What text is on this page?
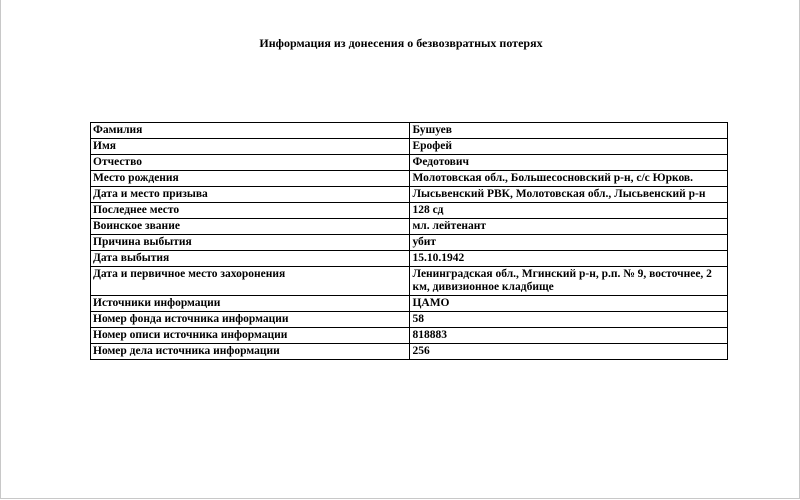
Информация из донесения о безвозвратных потерях
Фамилия	Бушуев
Имя	Ерофей
Отчество	Федотович
Место рождения	Молотовская обл., Большесосновский р-н, с/с Юрков.
Дата и место призыва	Лысьвенский РВК, Молотовская обл., Лысьвенский р-н
Последнее место	128 сд
Воинское звание	мл. лейтенант
Причина выбытия	убит
Дата выбытия	15.10.1942
Дата и первичное место захоронения	Ленинградская обл., Мгинский р-н, р.п. № 9, восточнее, 2 км, дивизионное кладбище
Источники информации	ЦАМО
Номер фонда источника информации	58
Номер описи источника информации	818883
Номер дела источника информации	256
